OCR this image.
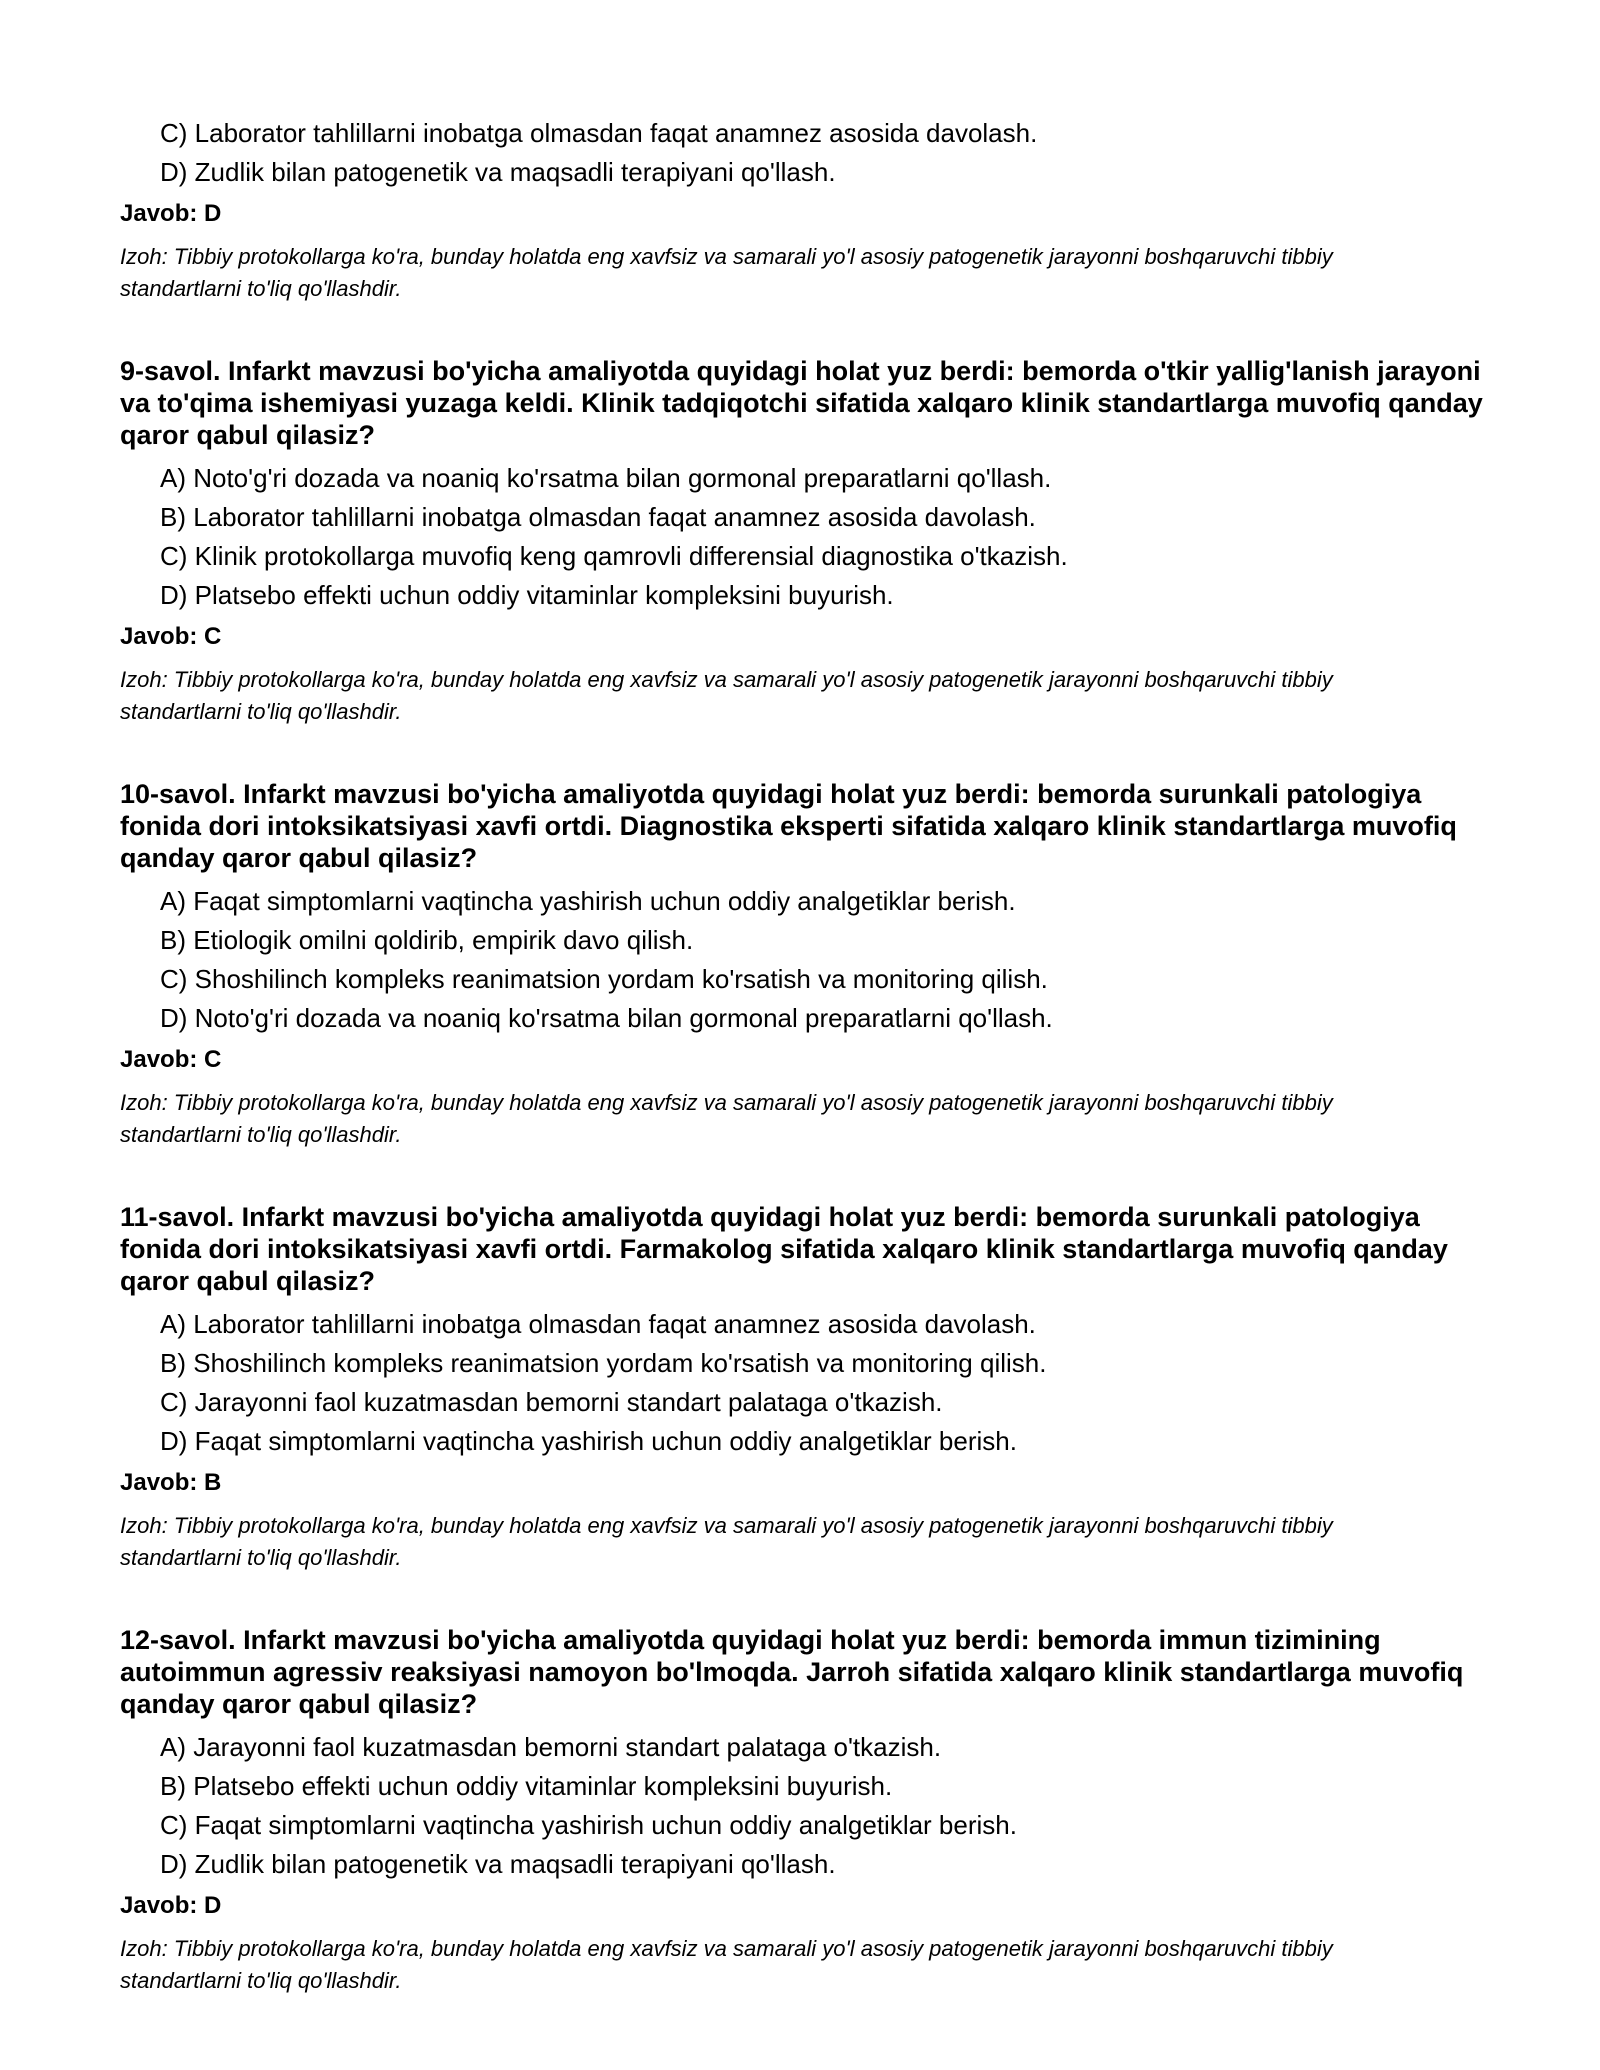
C) Laborator tahlillarni inobatga olmasdan faqat anamnez asosida davolash.
D) Zudlik bilan patogenetik va maqsadli terapiyani qo'llash.
Javob: D
Izoh: Tibbiy protokollarga ko'ra, bunday holatda eng xavfsiz va samarali yo'l asosiy patogenetik jarayonni boshqaruvchi tibbiy standartlarni to'liq qo'llashdir.
9-savol. Infarkt mavzusi bo'yicha amaliyotda quyidagi holat yuz berdi: bemorda o'tkir yallig'lanish jarayoni va to'qima ishemiyasi yuzaga keldi. Klinik tadqiqotchi sifatida xalqaro klinik standartlarga muvofiq qanday qaror qabul qilasiz?
A) Noto'g'ri dozada va noaniq ko'rsatma bilan gormonal preparatlarni qo'llash.
B) Laborator tahlillarni inobatga olmasdan faqat anamnez asosida davolash.
C) Klinik protokollarga muvofiq keng qamrovli differensial diagnostika o'tkazish.
D) Platsebo effekti uchun oddiy vitaminlar kompleksini buyurish.
Javob: C
Izoh: Tibbiy protokollarga ko'ra, bunday holatda eng xavfsiz va samarali yo'l asosiy patogenetik jarayonni boshqaruvchi tibbiy standartlarni to'liq qo'llashdir.
10-savol. Infarkt mavzusi bo'yicha amaliyotda quyidagi holat yuz berdi: bemorda surunkali patologiya fonida dori intoksikatsiyasi xavfi ortdi. Diagnostika eksperti sifatida xalqaro klinik standartlarga muvofiq qanday qaror qabul qilasiz?
A) Faqat simptomlarni vaqtincha yashirish uchun oddiy analgetiklar berish.
B) Etiologik omilni qoldirib, empirik davo qilish.
C) Shoshilinch kompleks reanimatsion yordam ko'rsatish va monitoring qilish.
D) Noto'g'ri dozada va noaniq ko'rsatma bilan gormonal preparatlarni qo'llash.
Javob: C
Izoh: Tibbiy protokollarga ko'ra, bunday holatda eng xavfsiz va samarali yo'l asosiy patogenetik jarayonni boshqaruvchi tibbiy standartlarni to'liq qo'llashdir.
11-savol. Infarkt mavzusi bo'yicha amaliyotda quyidagi holat yuz berdi: bemorda surunkali patologiya fonida dori intoksikatsiyasi xavfi ortdi. Farmakolog sifatida xalqaro klinik standartlarga muvofiq qanday qaror qabul qilasiz?
A) Laborator tahlillarni inobatga olmasdan faqat anamnez asosida davolash.
B) Shoshilinch kompleks reanimatsion yordam ko'rsatish va monitoring qilish.
C) Jarayonni faol kuzatmasdan bemorni standart palataga o'tkazish.
D) Faqat simptomlarni vaqtincha yashirish uchun oddiy analgetiklar berish.
Javob: B
Izoh: Tibbiy protokollarga ko'ra, bunday holatda eng xavfsiz va samarali yo'l asosiy patogenetik jarayonni boshqaruvchi tibbiy standartlarni to'liq qo'llashdir.
12-savol. Infarkt mavzusi bo'yicha amaliyotda quyidagi holat yuz berdi: bemorda immun tizimining autoimmun agressiv reaksiyasi namoyon bo'lmoqda. Jarroh sifatida xalqaro klinik standartlarga muvofiq qanday qaror qabul qilasiz?
A) Jarayonni faol kuzatmasdan bemorni standart palataga o'tkazish.
B) Platsebo effekti uchun oddiy vitaminlar kompleksini buyurish.
C) Faqat simptomlarni vaqtincha yashirish uchun oddiy analgetiklar berish.
D) Zudlik bilan patogenetik va maqsadli terapiyani qo'llash.
Javob: D
Izoh: Tibbiy protokollarga ko'ra, bunday holatda eng xavfsiz va samarali yo'l asosiy patogenetik jarayonni boshqaruvchi tibbiy standartlarni to'liq qo'llashdir.
